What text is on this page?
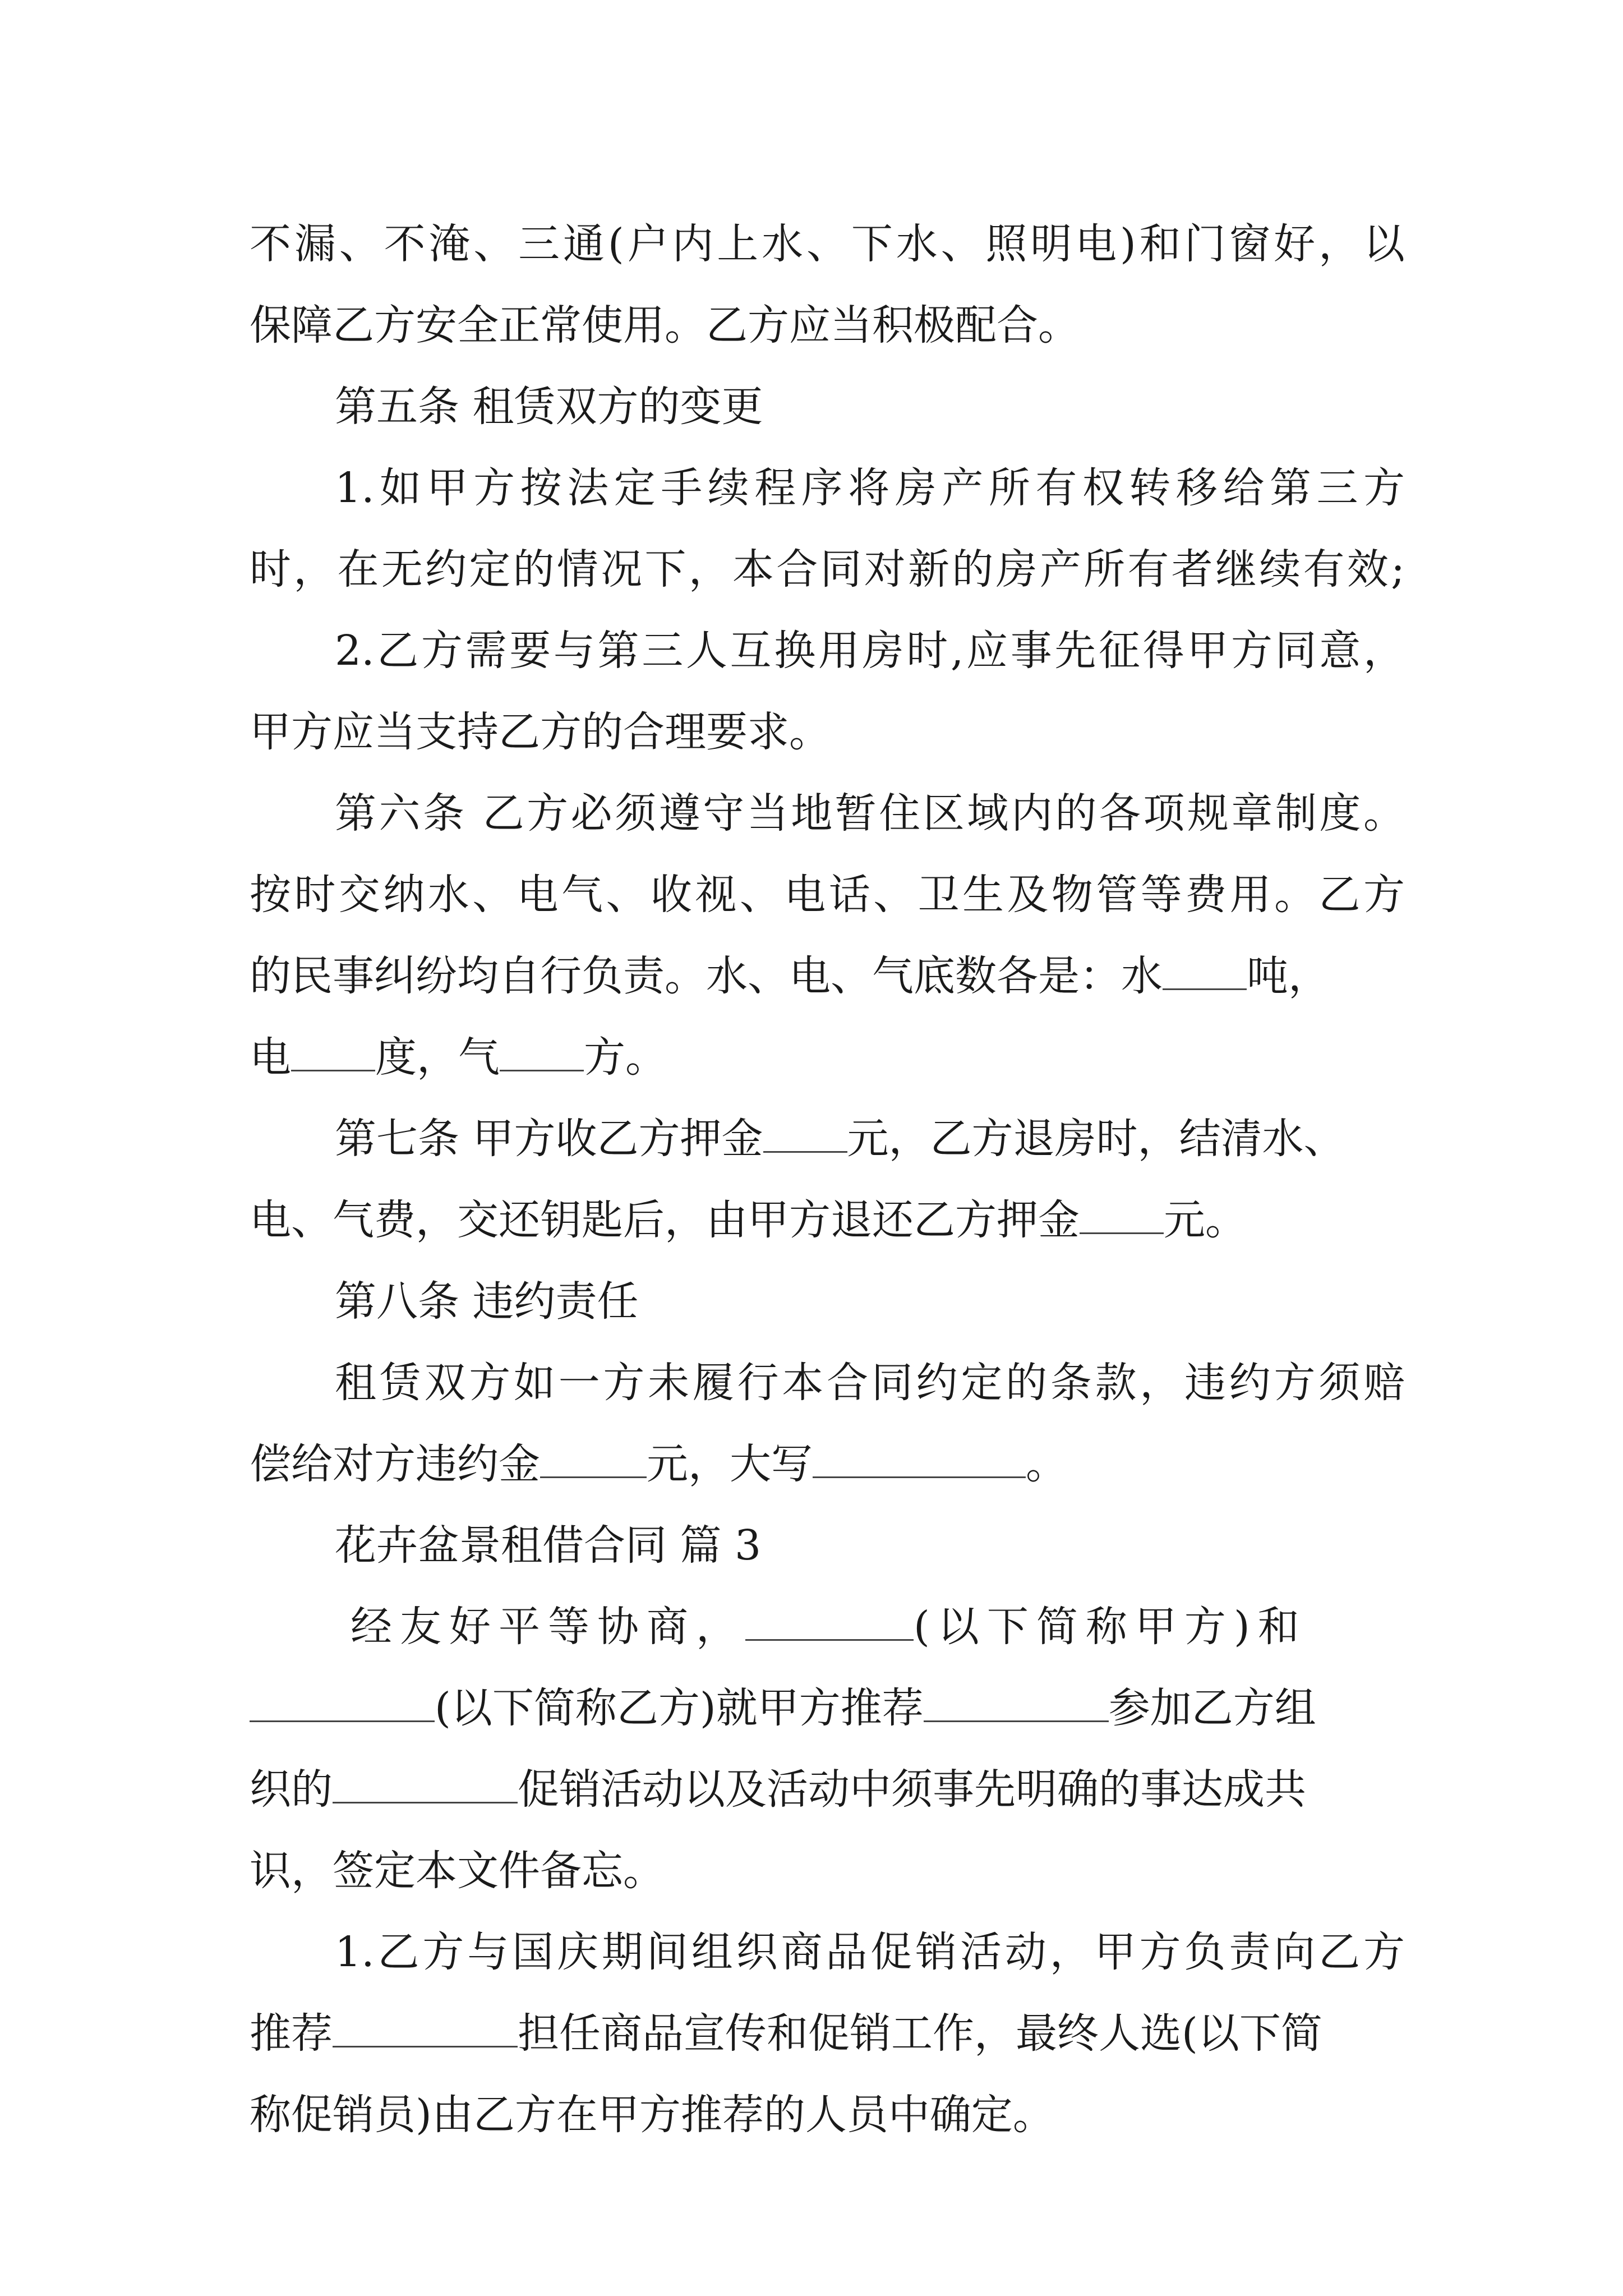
不漏、不淹、三通(户内上水、下水、照明电)和门窗好，以
保障乙方安全正常使用。乙方应当积极配合。
第五条 租赁双方的变更
1.如甲方按法定手续程序将房产所有权转移给第三方
时，在无约定的情况下，本合同对新的房产所有者继续有效;
2.乙方需要与第三人互换用房时,应事先征得甲方同意，
甲方应当支持乙方的合理要求。
第六条 乙方必须遵守当地暂住区域内的各项规章制度。
按时交纳水、电气、收视、电话、卫生及物管等费用。乙方
的民事纠纷均自行负责。水、电、气底数各是：水 吨，
电 度，气 方。
第七条 甲方收乙方押金 元，乙方退房时，结清水、
电、气费，交还钥匙后，由甲方退还乙方押金 元。
第八条 违约责任
租赁双方如一方未履行本合同约定的条款，违约方须赔
偿给对方违约金	元，大写	。
花卉盆景租借合同 篇 3
经友好平等协商，	(以下简称甲方)和
(以下简称乙方)就甲方推荐	参加乙方组
织的	促销活动以及活动中须事先明确的事达成共
识，签定本文件备忘。
1.乙方与国庆期间组织商品促销活动，甲方负责向乙方
推荐	担任商品宣传和促销工作，最终人选(以下简
称促销员)由乙方在甲方推荐的人员中确定。
